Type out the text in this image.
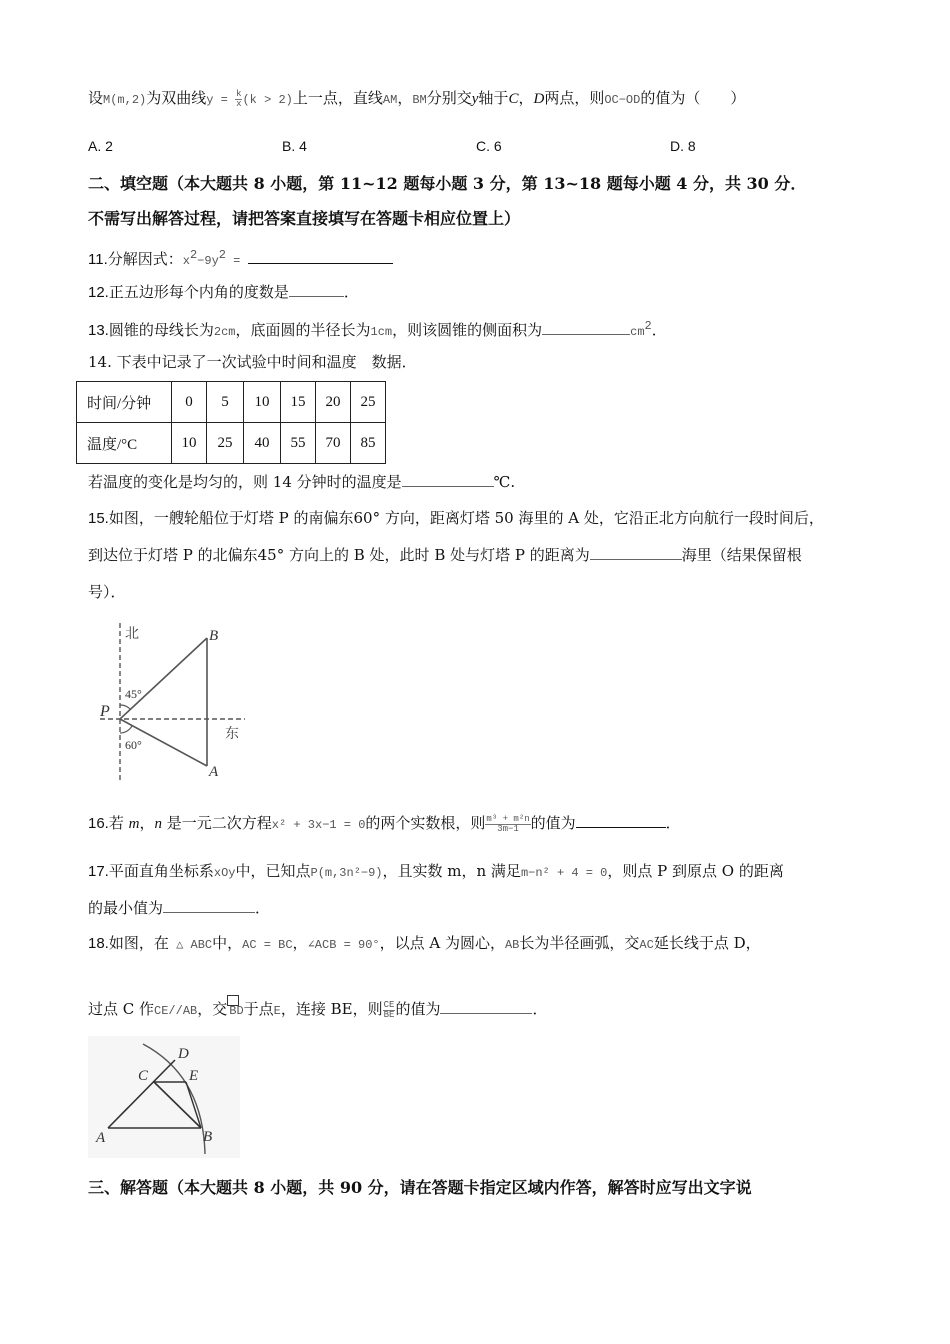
设M(m,2)为双曲线$y = \frac{k}{x} (k > 2)$上一点，直线AM，BM分别交y轴于C，D两点，则OC−OD的值为（　　）
A. 2	B. 4	C. 6	D. 8
二、填空题（本大题共 8 小题，第 11~12 题每小题 3 分，第 13~18 题每小题 4 分，共 30 分．
不需写出解答过程，请把答案直接填写在答题卡相应位置上）
11.分解因式：$x^2-9y^2$ =
12.正五边形每个内角的度数是	．
13.圆锥的母线长为2cm，底面圆的半径长为1cm，则该圆锥的侧面积为	$cm^2$．
14. 下表中记录了一次试验中时间和温度　数据．
时间/分钟	0	5	10	15	20	25
温度/°C	10	25	40	55	70	85
若温度的变化是均匀的，则 14 分钟时的温度是	℃.
15.如图，一艘轮船位于灯塔 P 的南偏东60° 方向，距离灯塔 50 海里的 A 处，它沿正北方向航行一段时间后，
到达位于灯塔 P 的北偏东45° 方向上的 B 处，此时 B 处与灯塔 P 的距离为	海里（结果保留根
号）．
北
东
P
B
A
45°
60°
16.若 m，n 是一元二次方程x² + 3x−1 = 0的两个实数根，则 $\frac{\text{m³ + m²n}}{3m-1}$ 的值为	．
17.平面直角坐标系xOy中，已知点P(m,3n²−9)，且实数 m，n 满足m−n² + 4 = 0，则点 P 到原点 O 的距离
的最小值为	．
18.如图，在 △ ABC中，AC = BC，∠ACB = 90°，以点 A 为圆心，AB长为半径画弧，交AC延长线于点 D，
过点 C 作CE//AB，交 BD于点E，连接 BE，则 $\frac{CE}{BE}$ 的值为	．
A	B
C
D
E
三、解答题（本大题共 8 小题，共 90 分，请在答题卡指定区域内作答，解答时应写出文字说
